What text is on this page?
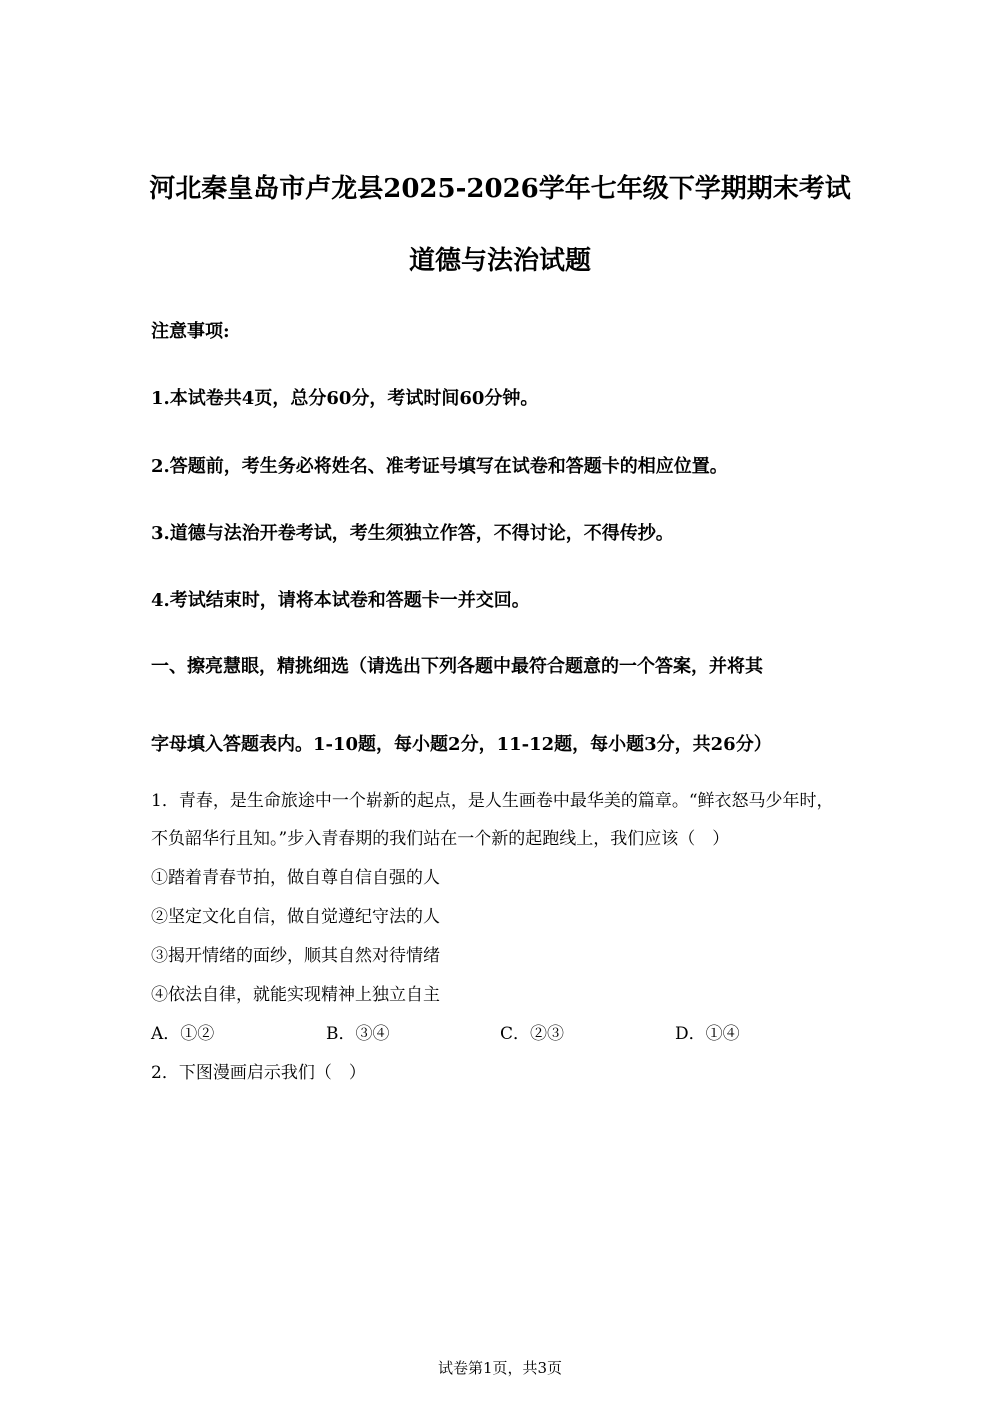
河北秦皇岛市卢龙县2025-2026学年七年级下学期期末考试
道德与法治试题
注意事项:
1.本试卷共4页，总分60分，考试时间60分钟。
2.答题前，考生务必将姓名、准考证号填写在试卷和答题卡的相应位置。
3.道德与法治开卷考试，考生须独立作答，不得讨论，不得传抄。
4.考试结束时，请将本试卷和答题卡一并交回。
一、擦亮慧眼，精挑细选（请选出下列各题中最符合题意的一个答案，并将其
字母填入答题表内。1-10题，每小题2分，11-12题，每小题3分，共26分）
1．青春，是生命旅途中一个崭新的起点，是人生画卷中最华美的篇章。“鲜衣怒马少年时，
不负韶华行且知。”步入青春期的我们站在一个新的起跑线上，我们应该（　）
①踏着青春节拍，做自尊自信自强的人
②坚定文化自信，做自觉遵纪守法的人
③揭开情绪的面纱，顺其自然对待情绪
④依法自律，就能实现精神上独立自主
A．①②	B．③④	C．②③	D．①④
2．下图漫画启示我们（　）
试卷第1页，共3页
